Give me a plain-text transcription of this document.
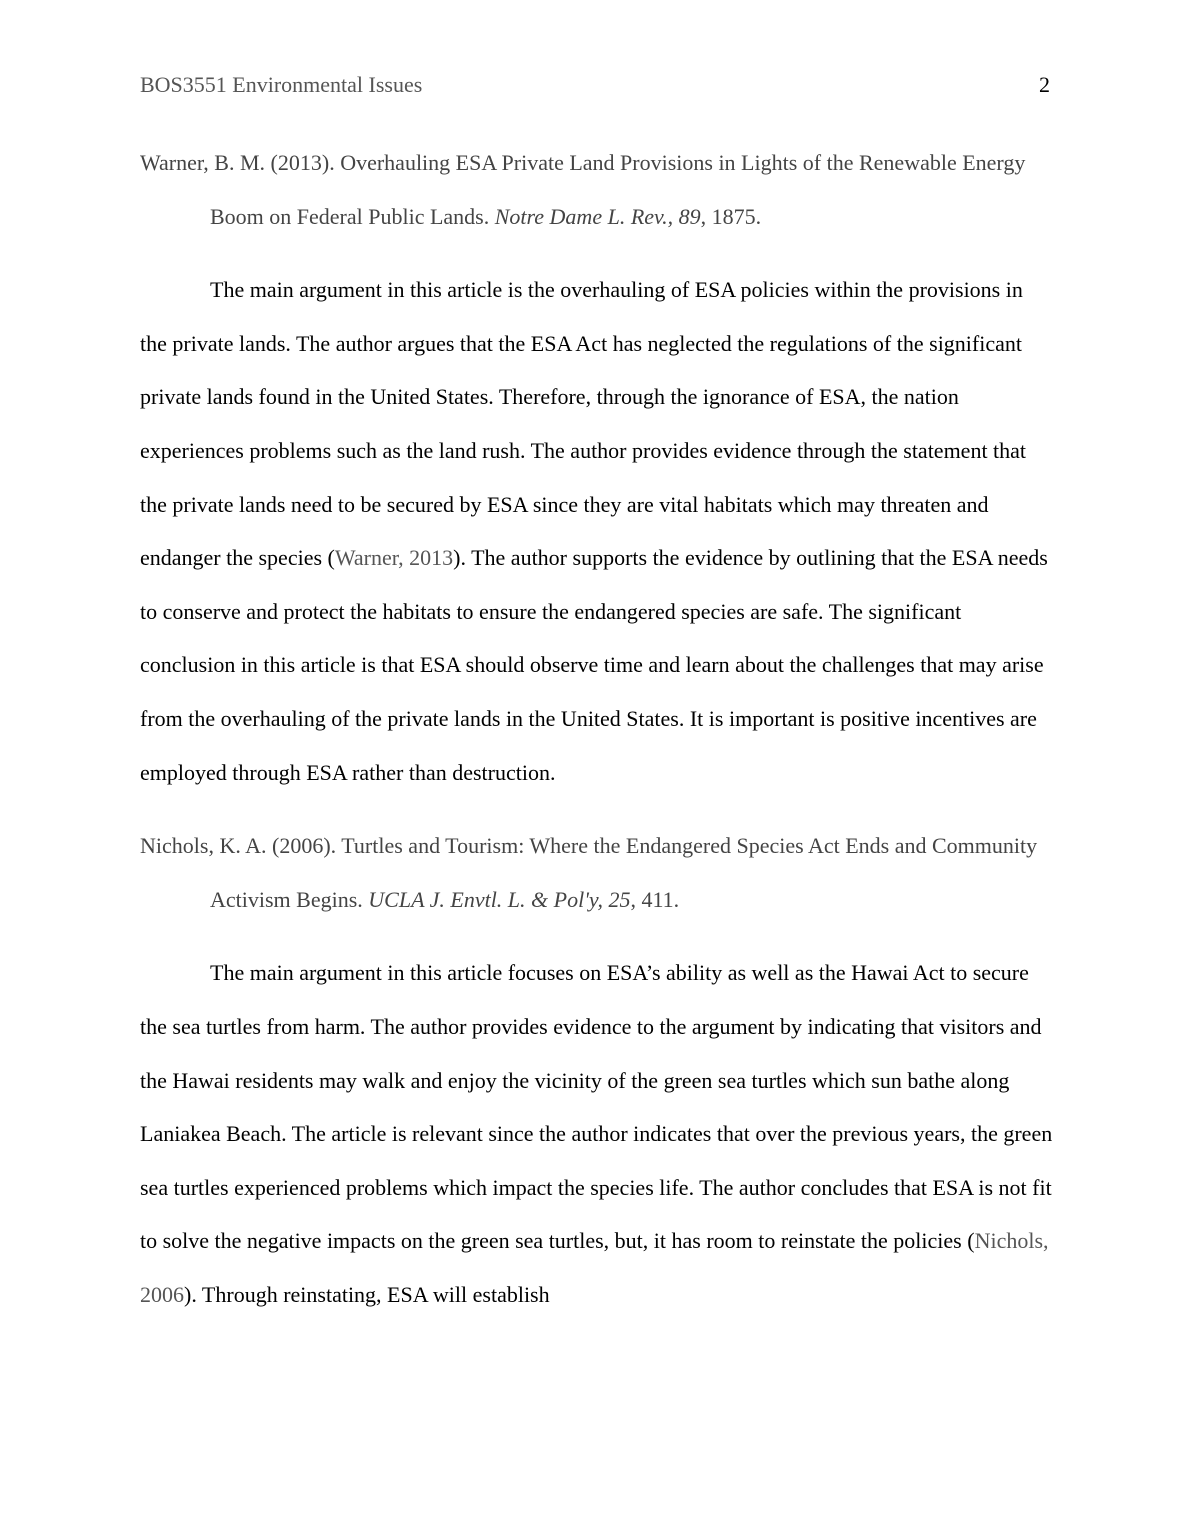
BOS3551 Environmental Issues	2

Warner, B. M. (2013). Overhauling ESA Private Land Provisions in Lights of the Renewable Energy Boom on Federal Public Lands. Notre Dame L. Rev., 89, 1875.

The main argument in this article is the overhauling of ESA policies within the provisions in the private lands. The author argues that the ESA Act has neglected the regulations of the significant private lands found in the United States. Therefore, through the ignorance of ESA, the nation experiences problems such as the land rush. The author provides evidence through the statement that the private lands need to be secured by ESA since they are vital habitats which may threaten and endanger the species (Warner, 2013). The author supports the evidence by outlining that the ESA needs to conserve and protect the habitats to ensure the endangered species are safe. The significant conclusion in this article is that ESA should observe time and learn about the challenges that may arise from the overhauling of the private lands in the United States. It is important is positive incentives are employed through ESA rather than destruction.

Nichols, K. A. (2006). Turtles and Tourism: Where the Endangered Species Act Ends and Community Activism Begins. UCLA J. Envtl. L. & Pol'y, 25, 411.

The main argument in this article focuses on ESA’s ability as well as the Hawai Act to secure the sea turtles from harm. The author provides evidence to the argument by indicating that visitors and the Hawai residents may walk and enjoy the vicinity of the green sea turtles which sun bathe along Laniakea Beach. The article is relevant since the author indicates that over the previous years, the green sea turtles experienced problems which impact the species life. The author concludes that ESA is not fit to solve the negative impacts on the green sea turtles, but, it has room to reinstate the policies (Nichols, 2006). Through reinstating, ESA will establish
